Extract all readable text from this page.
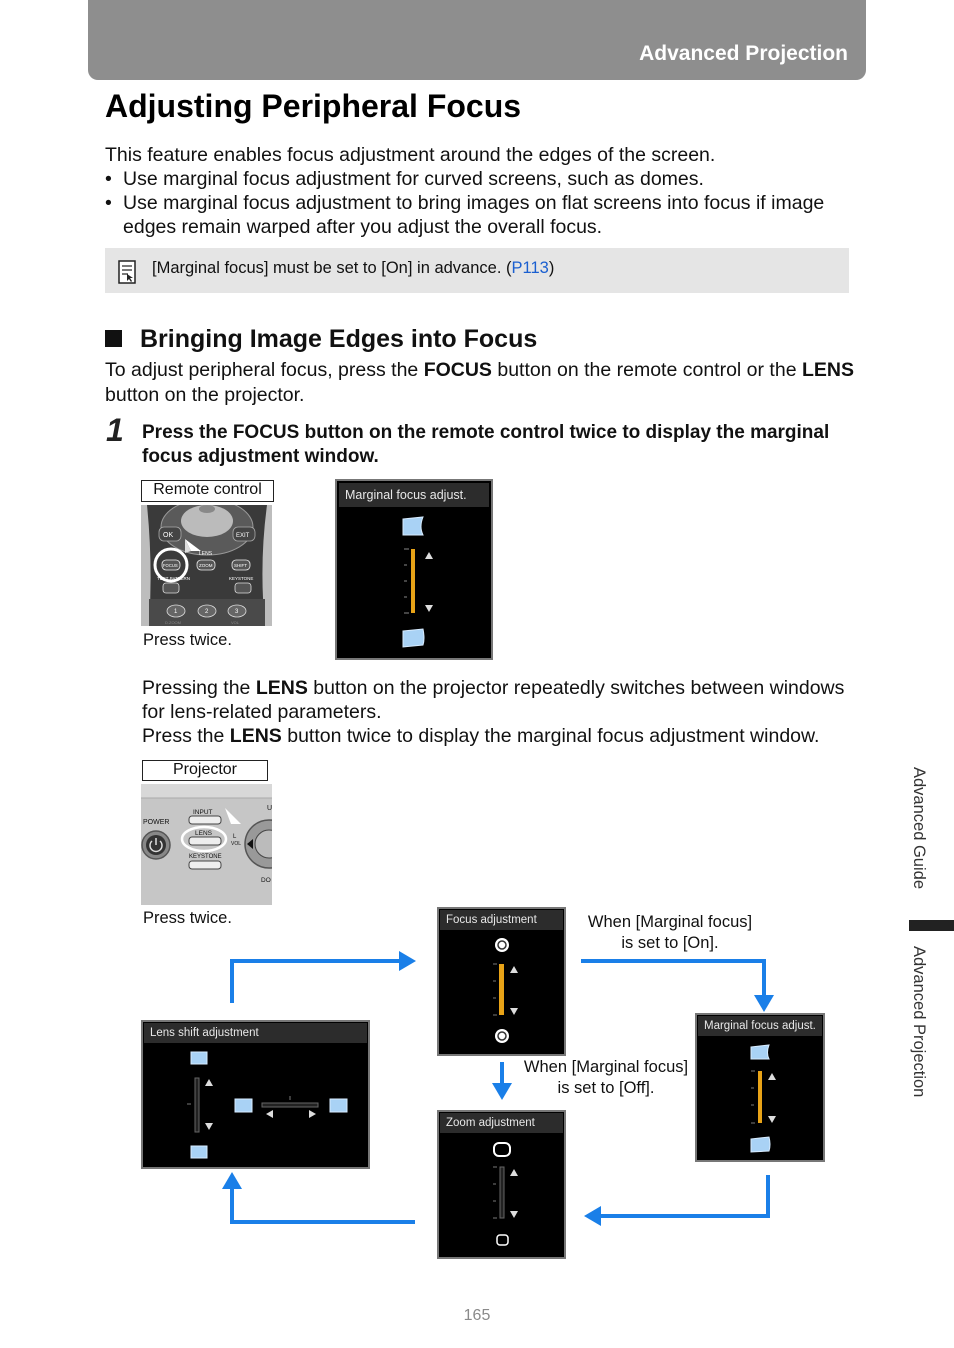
Advanced Projection
Adjusting Peripheral Focus

This feature enables focus adjustment around the edges of the screen.

• Use marginal focus adjustment for curved screens, such as domes.

• Use marginal focus adjustment to bring images on flat screens into focus if image edges remain warped after you adjust the overall focus.

[Marginal focus] must be set to [On] in advance. (P113)
Bringing Image Edges into Focus

To adjust peripheral focus, press the FOCUS button on the remote control or the LENS button on the projector.

1 Press the FOCUS button on the remote control twice to display the marginal focus adjustment window.

Remote control
OK	EXIT
LENS
FOCUS	ZOOM	SHIFT
TEST PATTERN	KEYSTONE
1	2	3
D.ZOOM	VOL
Press twice.
Marginal focus adjust.

Pressing the LENS button on the projector repeatedly switches between windows for lens-related parameters.

Press the LENS button twice to display the marginal focus adjustment window.

Projector
POWER
INPUT
LENS
KEYSTONE
L
VOL
U
DO
Press twice.	Focus adjustment	When [Marginal focus] is set to [On].
Marginal focus adjust.
When [Marginal focus] is set to [Off].
Lens shift adjustment
Zoom adjustment
Advanced Guide
Advanced Projection
165
